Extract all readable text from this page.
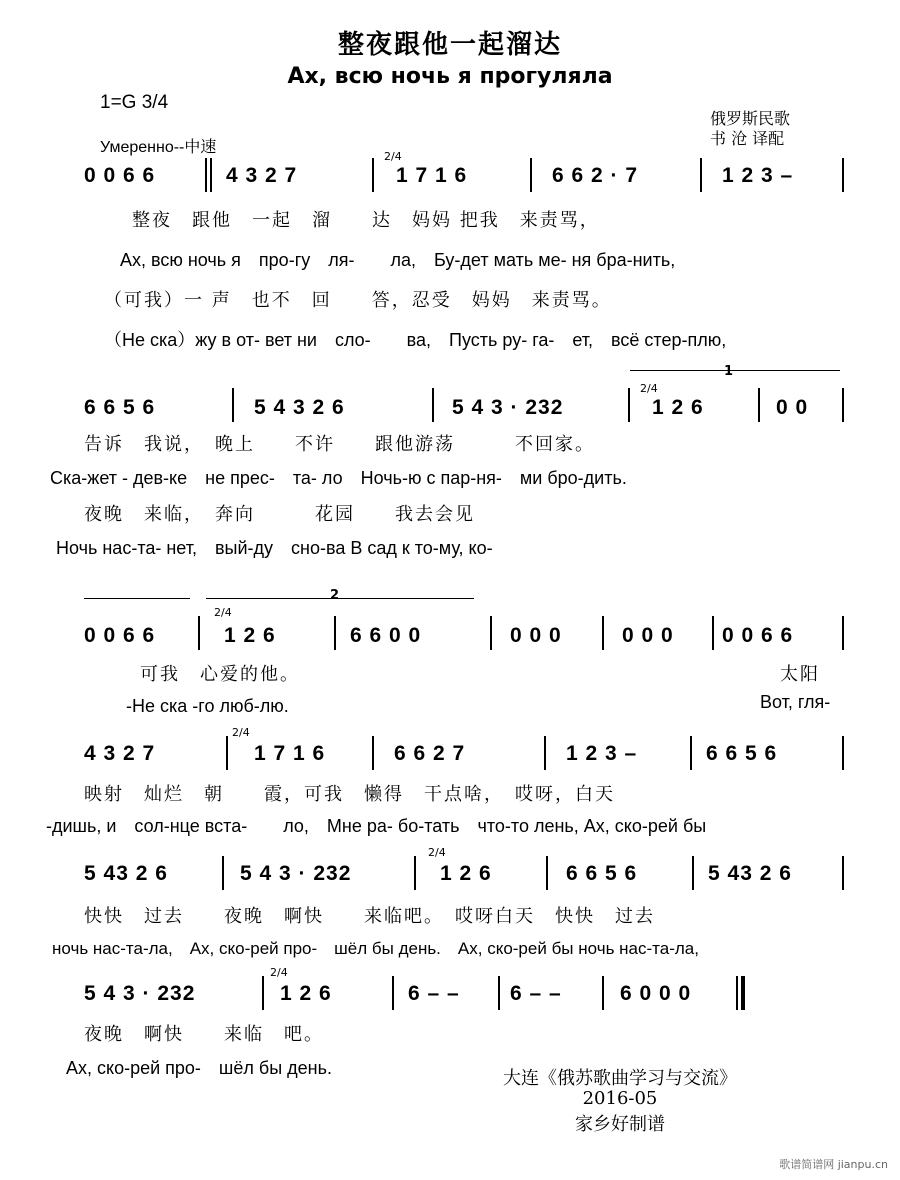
整夜跟他一起溜达
Ах, всю ночь я прогуляла
1=G 3/4
俄罗斯民歌
书 沧 译配
Умеренно--中速
0 0 6 6	4 3 2 7
2/4
1 7 1 6	6 6 2 · 7	1 2 3 –
整夜　跟他　一起　溜　　达　妈妈 把我　来责骂，
Ах, всю ночь я　про-гу　ля-　　ла,　Бу-дет мать ме- ня бра-нить,
（可我）一 声　也不　回　　答，忍受　妈妈　来责骂。
（Не ска）жу в от- вет ни　сло-　　ва,　Пусть ру- га-　ет,　всё стер-плю,
1
6 6 5 6	5 4 3 2 6	5 4 3 · 232
2/4
1 2 6	0 0
告诉　我说，　晚上　　不许　　跟他游荡　　　不回家。
Ска-жет - дев-ке　не прес-　та- ло　Ночь-ю с пар-ня-　ми бро-дить.
夜晚　来临，　奔向　　　花园　　我去会见
Ночь нас-та- нет,　вый-ду　сно-ва В сад к то-му, ко-
2
0 0 6 6
2/4
1 2 6	6 6 0 0	0 0 0	0 0 0 0 0 6 6
可我　心爱的他。
-Не ска -го люб-лю.
太阳
Вот, гля-
4 3 2 7
2/4
1 7 1 6	6 6 2 7	1 2 3 –	6 6 5 6
映射　灿烂　朝　　霞，可我　懒得　干点啥，　哎呀，白天
-дишь, и　сол-нце вста-　　ло,　Мне ра- бо-тать　что-то лень, Ах, ско-рей бы
5 43 2 6	5 4 3 · 232
2/4
1 2 6	6 6 5 6	5 43 2 6
快快　过去　　夜晚　啊快　　来临吧。　哎呀白天　快快　过去
ночь нас-та-ла,　Ах, ско-рей про-　шёл бы день.　Ах, ско-рей бы ночь нас-та-ла,
5 4 3 · 232
2/4
1 2 6	6 – – 6 – –	6 0 0 0
夜晚　啊快　　来临　吧。
Ах, ско-рей про-　шёл бы день.	大连《俄苏歌曲学习与交流》
2016-05
家乡好制谱
歌谱简谱网 jianpu.cn
